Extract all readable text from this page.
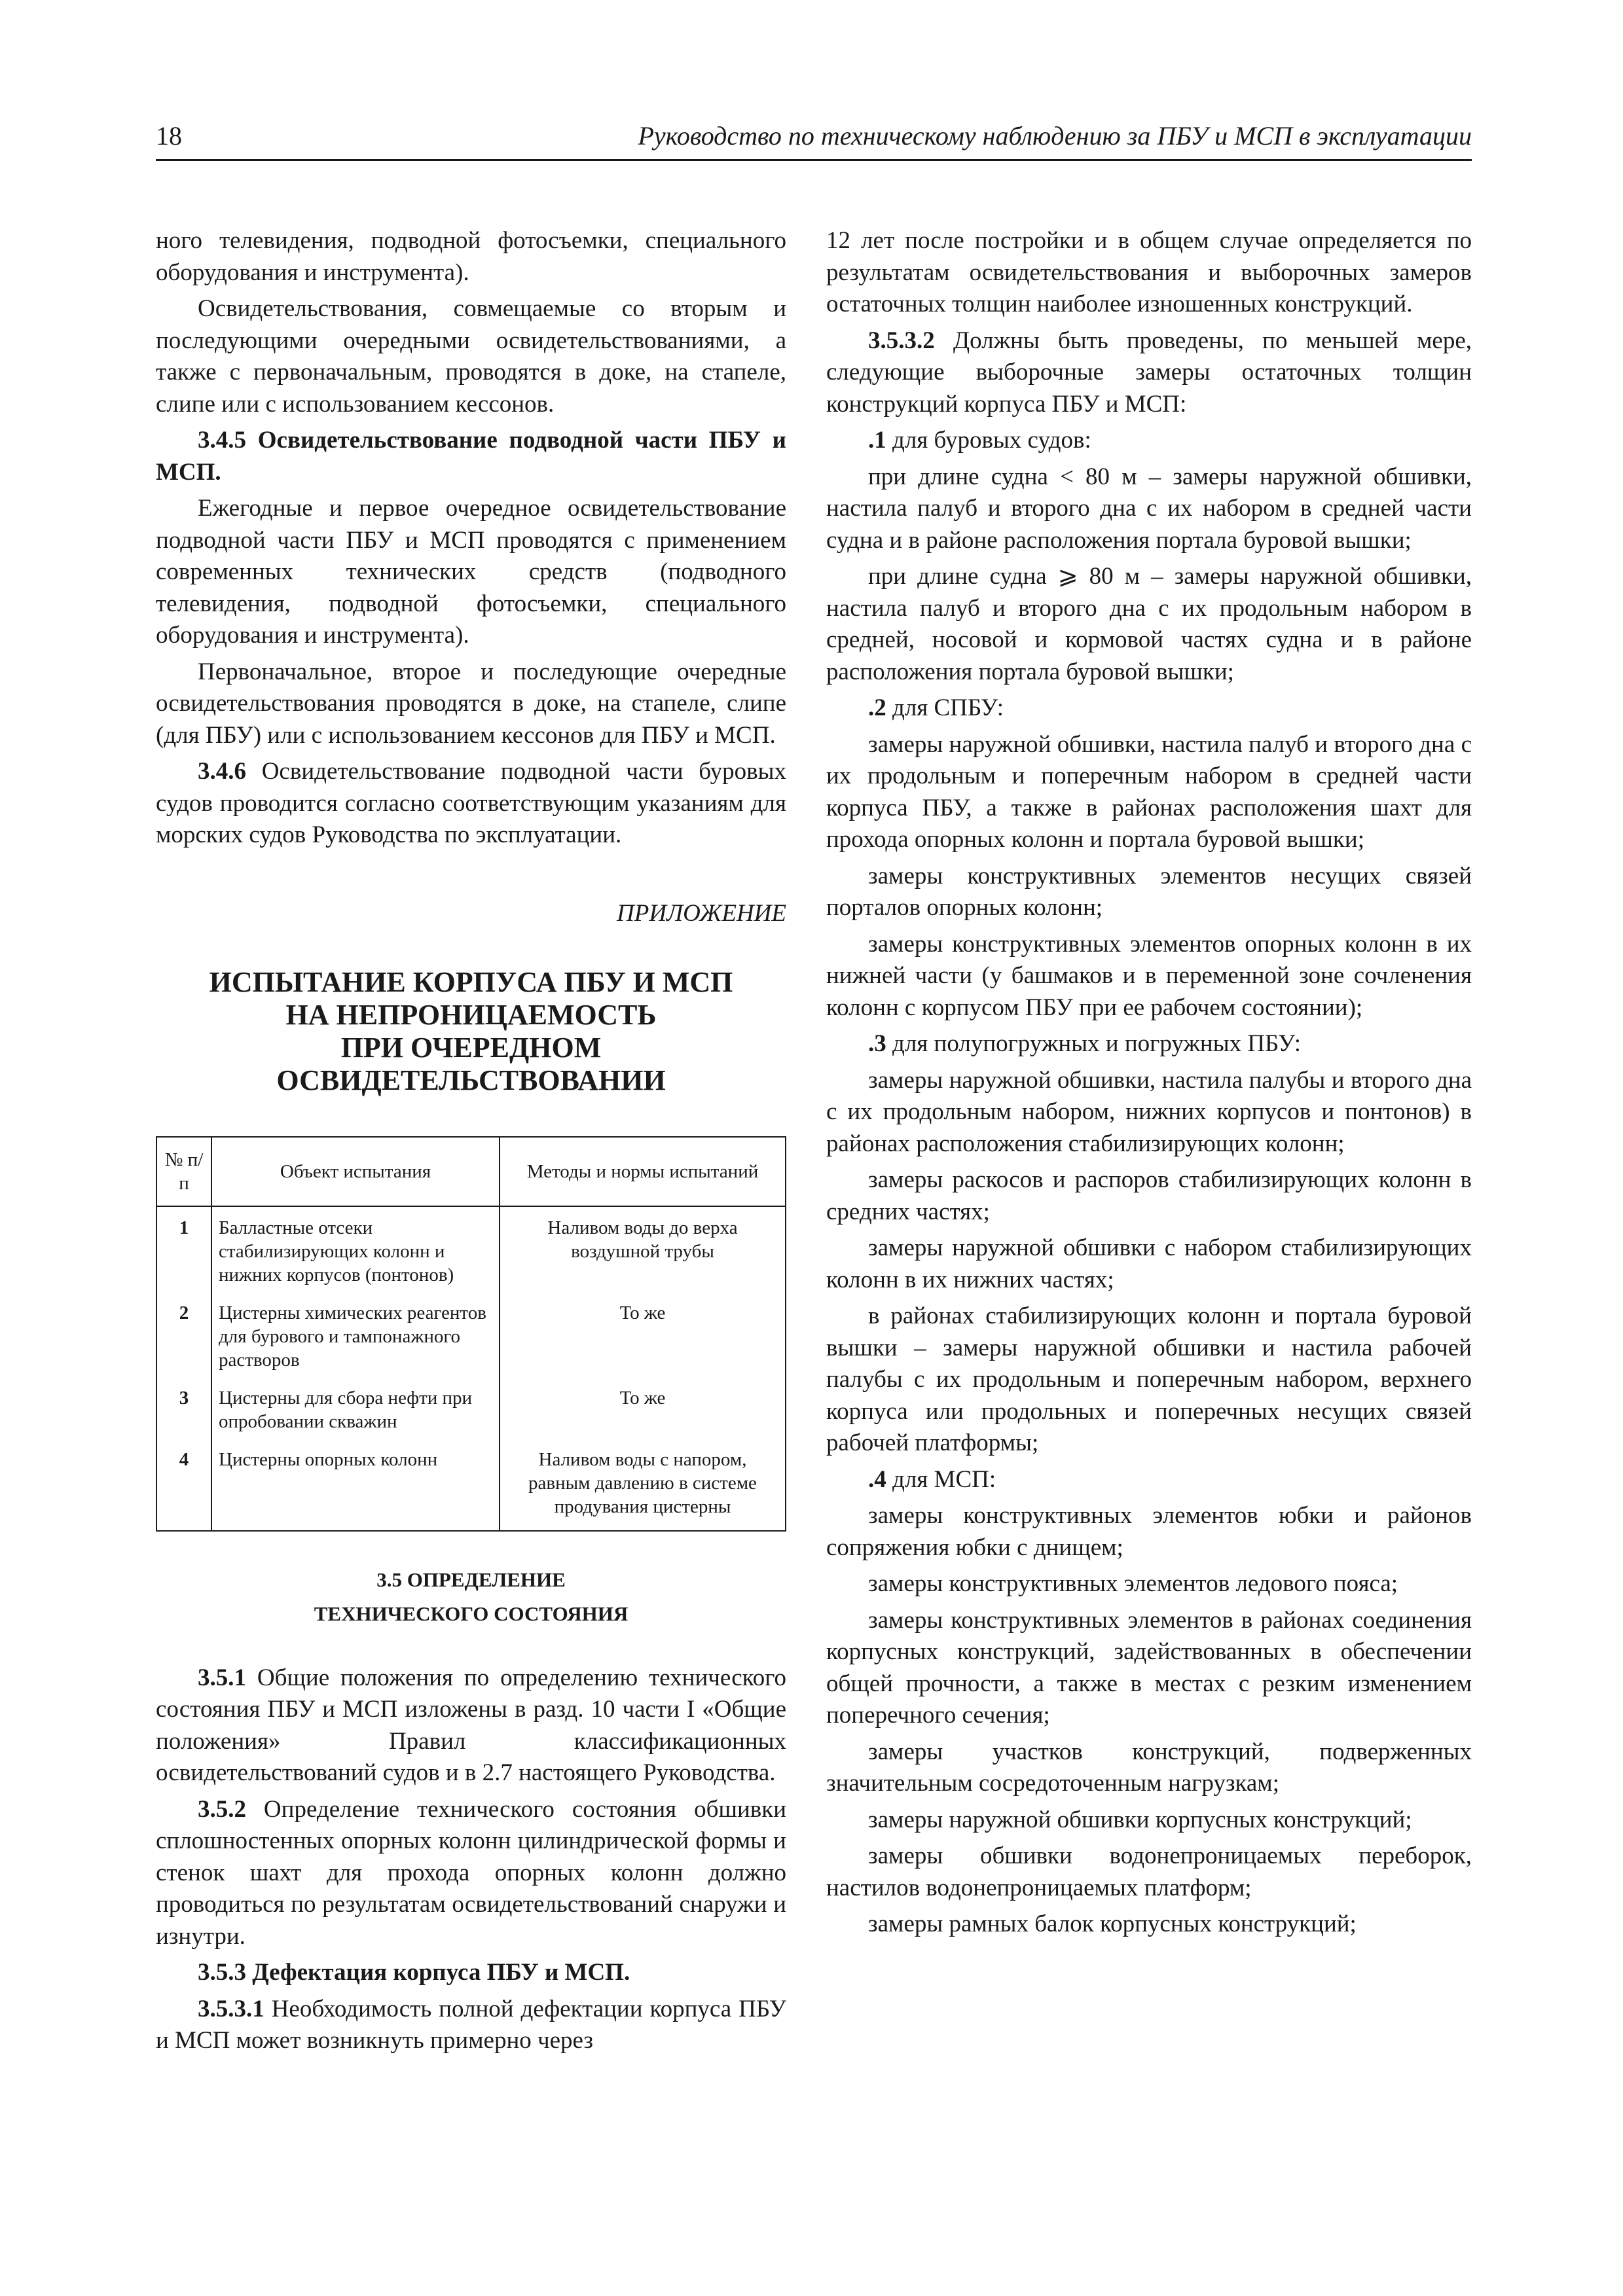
18	Руководство по техническому наблюдению за ПБУ и МСП в эксплуатации

ного телевидения, подводной фотосъемки, специального оборудования и инструмента).

Освидетельствования, совмещаемые со вторым и последующими очередными освидетельствованиями, а также с первоначальным, проводятся в доке, на стапеле, слипе или с использованием кессонов.

3.4.5 Освидетельствование подводной части ПБУ и МСП.

Ежегодные и первое очередное освидетельствование подводной части ПБУ и МСП проводятся с применением современных технических средств (подводного телевидения, подводной фотосъемки, специального оборудования и инструмента).

Первоначальное, второе и последующие очередные освидетельствования проводятся в доке, на стапеле, слипе (для ПБУ) или с использованием кессонов для ПБУ и МСП.

3.4.6 Освидетельствование подводной части буровых судов проводится согласно соответствующим указаниям для морских судов Руководства по эксплуатации.

ПРИЛОЖЕНИЕ
ИСПЫТАНИЕ КОРПУСА ПБУ И МСП
НА НЕПРОНИЦАЕМОСТЬ
ПРИ ОЧЕРЕДНОМ
ОСВИДЕТЕЛЬСТВОВАНИИ
№ п/п	Объект испытания	Методы и нормы испытаний
1	Балластные отсеки стабилизирующих колонн и нижних корпусов (понтонов)	Наливом воды до верха воздушной трубы
2	Цистерны химических реагентов для бурового и тампонажного растворов	То же
3	Цистерны для сбора нефти при опробовании скважин	То же
4	Цистерны опорных колонн	Наливом воды с напором, равным давлению в системе продувания цистерны
3.5 ОПРЕДЕЛЕНИЕ
ТЕХНИЧЕСКОГО СОСТОЯНИЯ

3.5.1 Общие положения по определению технического состояния ПБУ и МСП изложены в разд. 10 части I «Общие положения» Правил классификационных освидетельствований судов и в 2.7 настоящего Руководства.

3.5.2 Определение технического состояния обшивки сплошностенных опорных колонн цилиндрической формы и стенок шахт для прохода опорных колонн должно проводиться по результатам освидетельствований снаружи и изнутри.

3.5.3 Дефектация корпуса ПБУ и МСП.

3.5.3.1 Необходимость полной дефектации корпуса ПБУ и МСП может возникнуть примерно через

12 лет после постройки и в общем случае определяется по результатам освидетельствования и выборочных замеров остаточных толщин наиболее изношенных конструкций.

3.5.3.2 Должны быть проведены, по меньшей мере, следующие выборочные замеры остаточных толщин конструкций корпуса ПБУ и МСП:

.1 для буровых судов:

при длине судна < 80 м – замеры наружной обшивки, настила палуб и второго дна с их набором в средней части судна и в районе расположения портала буровой вышки;

при длине судна ⩾ 80 м – замеры наружной обшивки, настила палуб и второго дна с их продольным набором в средней, носовой и кормовой частях судна и в районе расположения портала буровой вышки;

.2 для СПБУ:

замеры наружной обшивки, настила палуб и второго дна с их продольным и поперечным набором в средней части корпуса ПБУ, а также в районах расположения шахт для прохода опорных колонн и портала буровой вышки;

замеры конструктивных элементов несущих связей порталов опорных колонн;

замеры конструктивных элементов опорных колонн в их нижней части (у башмаков и в переменной зоне сочленения колонн с корпусом ПБУ при ее рабочем состоянии);

.3 для полупогружных и погружных ПБУ:

замеры наружной обшивки, настила палубы и второго дна с их продольным набором, нижних корпусов и понтонов) в районах расположения стабилизирующих колонн;

замеры раскосов и распоров стабилизирующих колонн в средних частях;

замеры наружной обшивки с набором стабилизирующих колонн в их нижних частях;

в районах стабилизирующих колонн и портала буровой вышки – замеры наружной обшивки и настила рабочей палубы с их продольным и поперечным набором, верхнего корпуса или продольных и поперечных несущих связей рабочей платформы;

.4 для МСП:

замеры конструктивных элементов юбки и районов сопряжения юбки с днищем;

замеры конструктивных элементов ледового пояса;

замеры конструктивных элементов в районах соединения корпусных конструкций, задействованных в обеспечении общей прочности, а также в местах с резким изменением поперечного сечения;

замеры участков конструкций, подверженных значительным сосредоточенным нагрузкам;

замеры наружной обшивки корпусных конструкций;

замеры обшивки водонепроницаемых переборок, настилов водонепроницаемых платформ;

замеры рамных балок корпусных конструкций;
